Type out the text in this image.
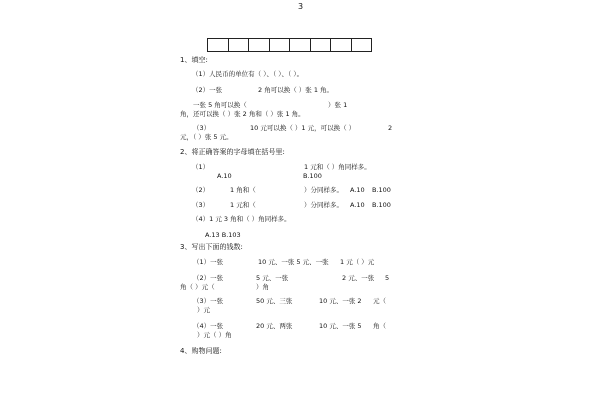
3
1、填空:
（1）人民币的单位有（ ）、（ ）、（ ）。
（2）一张	2 角可以换（ ）张 1 角。
一张 5 角可以换（	）张 1
角，还可以换（ ）张 2 角和（ ）张 1 角。
（3）	10 元可以换（ ）1 元，可以换（ ）	2
元，（ ）张 5 元。
2、将正确答案的字母填在括号里:
（1）	1 元和（ ）角同样多。
A.10	B.100
（2）	1 角和（	）分同样多。 A.10 B.100
（3）	1 元和（	）分同样多。 A.10 B.100
（4）1 元 3 角和（ ）角同样多。
A.13 B.103
3、写出下面的钱数:
（1）一张	10 元、一张 5 元、一张 1 元（ ）元
（2）一张	5 元、一张	2 元、一张 5
角（ ）元（	）角
（3）一张	50 元、三张	10 元、一张 2 元（
）元
（4）一张	20 元、两张	10 元、一张 5 角（
）元（ ）角
4、购物问题:
